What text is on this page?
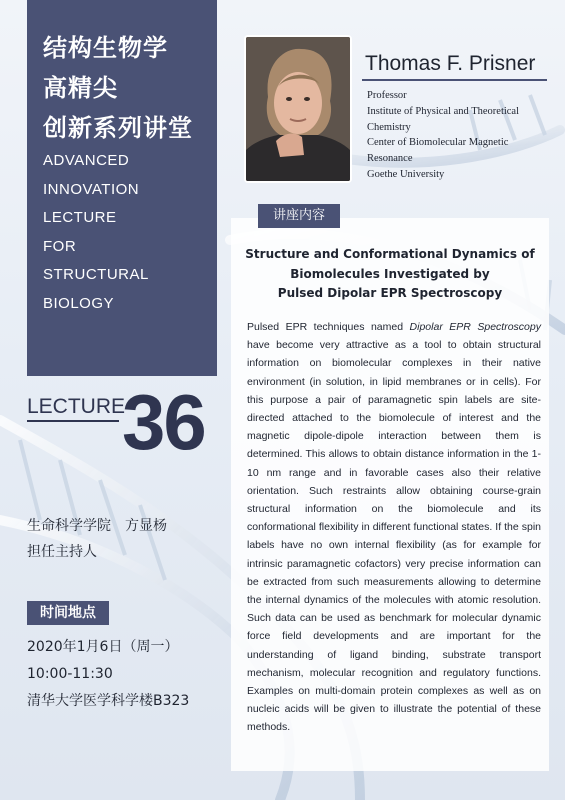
结构生物学
高精尖
创新系列讲堂
ADVANCED
INNOVATION
LECTURE
FOR
STRUCTURAL
BIOLOGY
LECTURE
36
Thomas F. Prisner
Professor
Institute of Physical and Theoretical Chemistry
Center of Biomolecular Magnetic Resonance
Goethe University
讲座内容
Structure and Conformational Dynamics of
Biomolecules Investigated by
Pulsed Dipolar EPR Spectroscopy
Pulsed EPR techniques named Dipolar EPR Spectroscopy have become very attractive as a tool to obtain structural information on biomolecular complexes in their native environment (in solution, in lipid membranes or in cells). For this purpose a pair of paramagnetic spin labels are site-directed attached to the biomolecule of interest and the magnetic dipole-dipole interaction between them is determined. This allows to obtain distance information in the 1-10 nm range and in favorable cases also their relative orientation. Such restraints allow obtaining course-grain structural information on the biomolecule and its conformational flexibility in different functional states. If the spin labels have no own internal flexibility (as for example for intrinsic paramagnetic cofactors) very precise information can be extracted from such measurements allowing to determine the internal dynamics of the molecules with atomic resolution. Such data can be used as benchmark for molecular dynamic force field developments and are important for the understanding of ligand binding, substrate transport mechanism, molecular recognition and regulatory functions. Examples on multi-domain protein complexes as well as on nucleic acids will be given to illustrate the potential of these methods.
生命科学学院　方显杨
担任主持人
时间地点
2020年1月6日（周一）
10:00-11:30
清华大学医学科学楼B323
